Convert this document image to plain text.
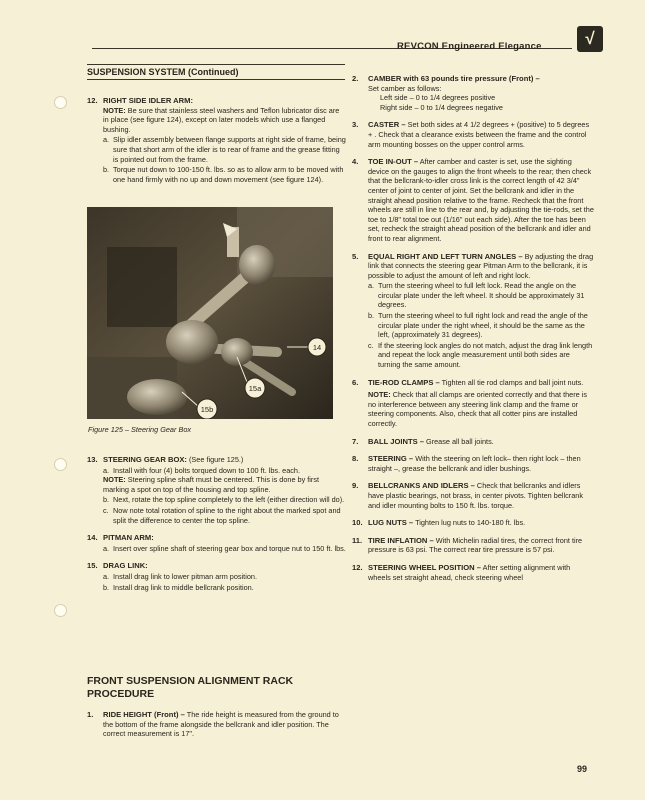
REVCON Engineered Elegance	√
SUSPENSION SYSTEM (Continued)
12. RIGHT SIDE IDLER ARM:
NOTE: Be sure that stainless steel washers and Teflon lubricator disc are in place (see figure 124), except on later models which use a flanged bushing.
a. Slip idler assembly between flange supports at right side of frame, being sure that short arm of the idler is to rear of frame and the grease fitting is pointed out from the frame.
b. Torque nut down to 100-150 ft. lbs. so as to allow arm to be moved with one hand firmly with no up and down movement (see figure 124).
14
15a
15b
Figure 125 – Steering Gear Box
13. STEERING GEAR BOX: (See figure 125.)
a. Install with four (4) bolts torqued down to 100 ft. lbs. each.
NOTE: Steering spline shaft must be centered. This is done by first marking a spot on top of the housing and top spline.
b. Next, rotate the top spline completely to the left (either direction will do).
c. Now note total rotation of spline to the right about the marked spot and split the difference to center the top spline.
14. PITMAN ARM:
a. Insert over spline shaft of steering gear box and torque nut to 150 ft. lbs.
15. DRAG LINK:
a. Install drag link to lower pitman arm position.
b. Install drag link to middle bellcrank position.
FRONT SUSPENSION ALIGNMENT RACK PROCEDURE
1. RIDE HEIGHT (Front) – The ride height is measured from the ground to the bottom of the frame alongside the bellcrank and idler position. The correct measurement is 17".
2. CAMBER with 63 pounds tire pressure (Front) –
Set camber as follows:
Left side – 0 to 1/4 degrees positive
Right side – 0 to 1/4 degrees negative
3. CASTER – Set both sides at 4 1/2 degrees + (positive) to 5 degrees + . Check that a clearance exists between the frame and the control arm mounting bosses on the upper control arms.
4. TOE IN-OUT – After camber and caster is set, use the sighting device on the gauges to align the front wheels to the rear; then check that the bellcrank-to-idler cross link is the correct length of 42 3/4" center of joint to center of joint. Set the bellcrank and idler in the straight ahead position relative to the frame. Recheck that the front wheels are still in line to the rear and, by adjusting the tie-rods, set the toe to 1/8" total toe out (1/16" out each side). After the toe has been set, recheck the straight ahead position of the bellcrank and idler and front to rear alignment.
5. EQUAL RIGHT AND LEFT TURN ANGLES – By adjusting the drag link that connects the steering gear Pitman Arm to the bellcrank, it is possible to adjust the amount of left and right lock.
a. Turn the steering wheel to full left lock. Read the angle on the circular plate under the left wheel. It should be approximately 31 degrees.
b. Turn the steering wheel to full right lock and read the angle of the circular plate under the right wheel, it should be the same as the left, (approximately 31 degrees).
c. If the steering lock angles do not match, adjust the drag link length and repeat the lock angle measurement until both sides are turning the same amount.
6. TIE-ROD CLAMPS – Tighten all tie rod clamps and ball joint nuts.
NOTE: Check that all clamps are oriented correctly and that there is no interference between any steering link clamp and the frame or steering components. Also, check that all cotter pins are installed correctly.
7. BALL JOINTS – Grease all ball joints.
8. STEERING – With the steering on left lock– then right lock – then straight –, grease the bellcrank and idler bushings.
9. BELLCRANKS AND IDLERS – Check that bellcranks and idlers have plastic bearings, not brass, in center pivots. Tighten bellcrank and idler mounting bolts to 150 ft. lbs. torque.
10. LUG NUTS – Tighten lug nuts to 140-180 ft. lbs.
11. TIRE INFLATION – With Michelin radial tires, the correct front tire pressure is 63 psi. The correct rear tire pressure is 57 psi.
12. STEERING WHEEL POSITION – After setting alignment with wheels set straight ahead, check steering wheel
99
